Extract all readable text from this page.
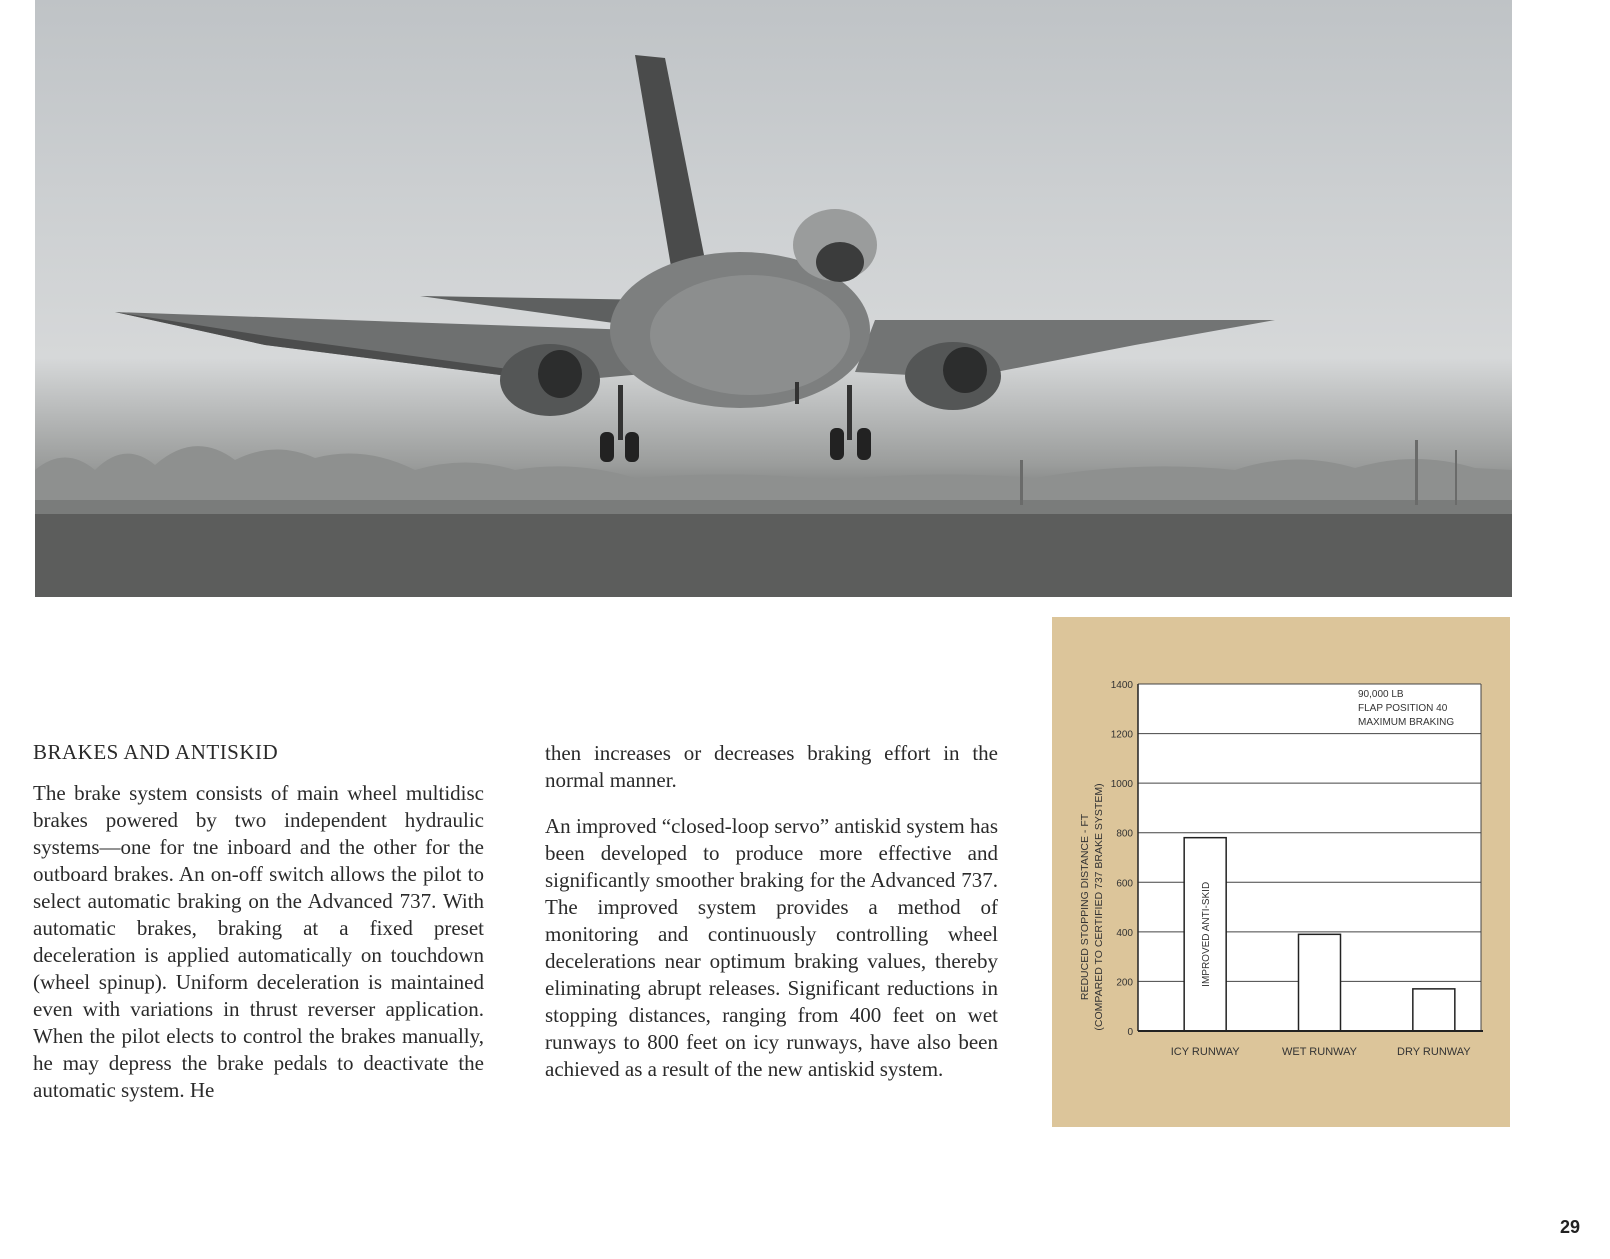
BRAKES AND ANTISKID

The brake system consists of main wheel multidisc brakes powered by two independent hydraulic systems—one for tne inboard and the other for the outboard brakes. An on-off switch allows the pilot to select automatic braking on the Advanced 737. With automatic brakes, braking at a fixed preset deceleration is applied automatically on touchdown (wheel spinup). Uniform deceleration is maintained even with variations in thrust reverser application. When the pilot elects to control the brakes manually, he may depress the brake pedals to deactivate the automatic system. He

then increases or decreases braking effort in the normal manner.

An improved “closed-loop servo” antiskid system has been developed to produce more effective and significantly smoother braking for the Advanced 737. The improved system provides a method of monitoring and continuously controlling wheel decelerations near optimum braking values, thereby eliminating abrupt releases. Significant reductions in stopping distances, ranging from 400 feet on wet runways to 800 feet on icy runways, have also been achieved as a result of the new antiskid system.

0
200
400
600
800
1000
1200
1400
ICY RUNWAY	WET RUNWAY	DRY RUNWAY
REDUCED STOPPING DISTANCE - FT (COMPARED TO CERTIFIED 737 BRAKE SYSTEM)
90,000 LB
FLAP POSITION 40
MAXIMUM BRAKING
IMPROVED ANTI-SKID
29
